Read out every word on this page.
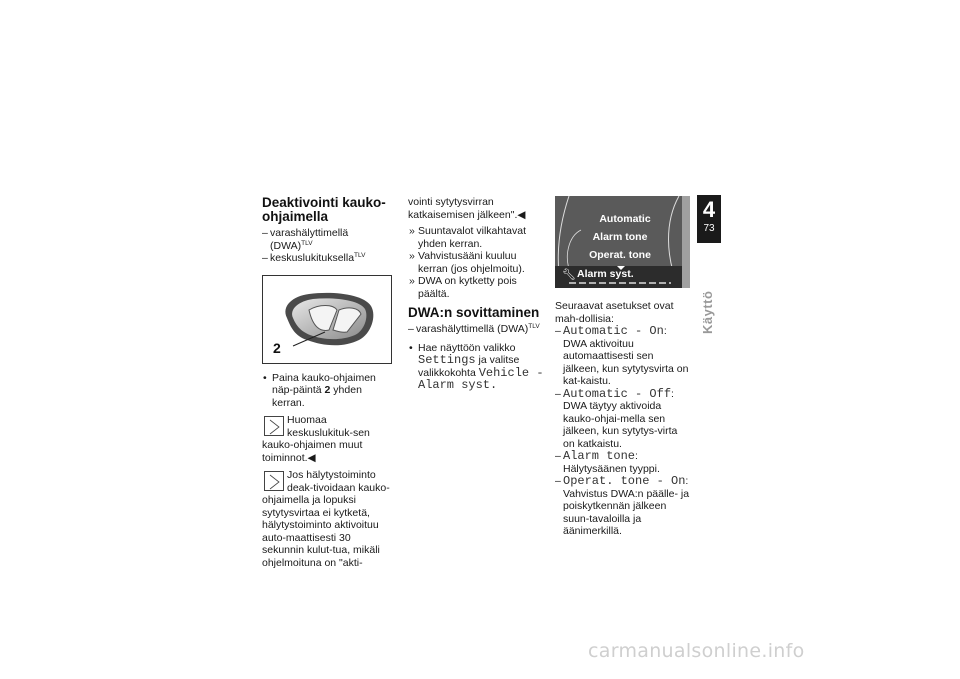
Deaktivointi kauko-ohjaimella

– varashälyttimellä (DWA)$^{TLV}$

– keskuslukituksella$^{TLV}$

2

• Paina kauko-ohjaimen näp-päintä 2 yhden kerran.

Huomaa keskuslukituk-sen kauko-ohjaimen muut toiminnot.◀

Jos hälytystoiminto deak-tivoidaan kauko-ohjaimella ja lopuksi sytytysvirtaa ei kytketä, hälytystoiminto aktivoituu auto-maattisesti 30 sekunnin kulut-tua, mikäli ohjelmoituna on "akti-

vointi sytytysvirran katkaisemisen jälkeen".◀

» Suuntavalot vilkahtavat yhden kerran.

» Vahvistusääni kuuluu kerran (jos ohjelmoitu).

» DWA on kytketty pois päältä.

DWA:n sovittaminen

– varashälyttimellä (DWA)$^{TLV}$

• Hae näyttöön valikko Settings ja valitse valikkokohta Vehicle - Alarm syst.

Automatic
Alarm tone
Operat. tone
🔧︎ Alarm syst.

Seuraavat asetukset ovat mah-dollisia:

– Automatic - On: DWA aktivoituu automaattisesti sen jälkeen, kun sytytysvirta on kat-kaistu.

– Automatic - Off: DWA täytyy aktivoida kauko-ohjai-mella sen jälkeen, kun sytytys-virta on katkaistu.

– Alarm tone: Hälytysäänen tyyppi.

– Operat. tone - On: Vahvistus DWA:n päälle- ja poiskytkennän jälkeen suun-tavaloilla ja äänimerkillä.

4
73
Käyttö
carmanualsonline.info
